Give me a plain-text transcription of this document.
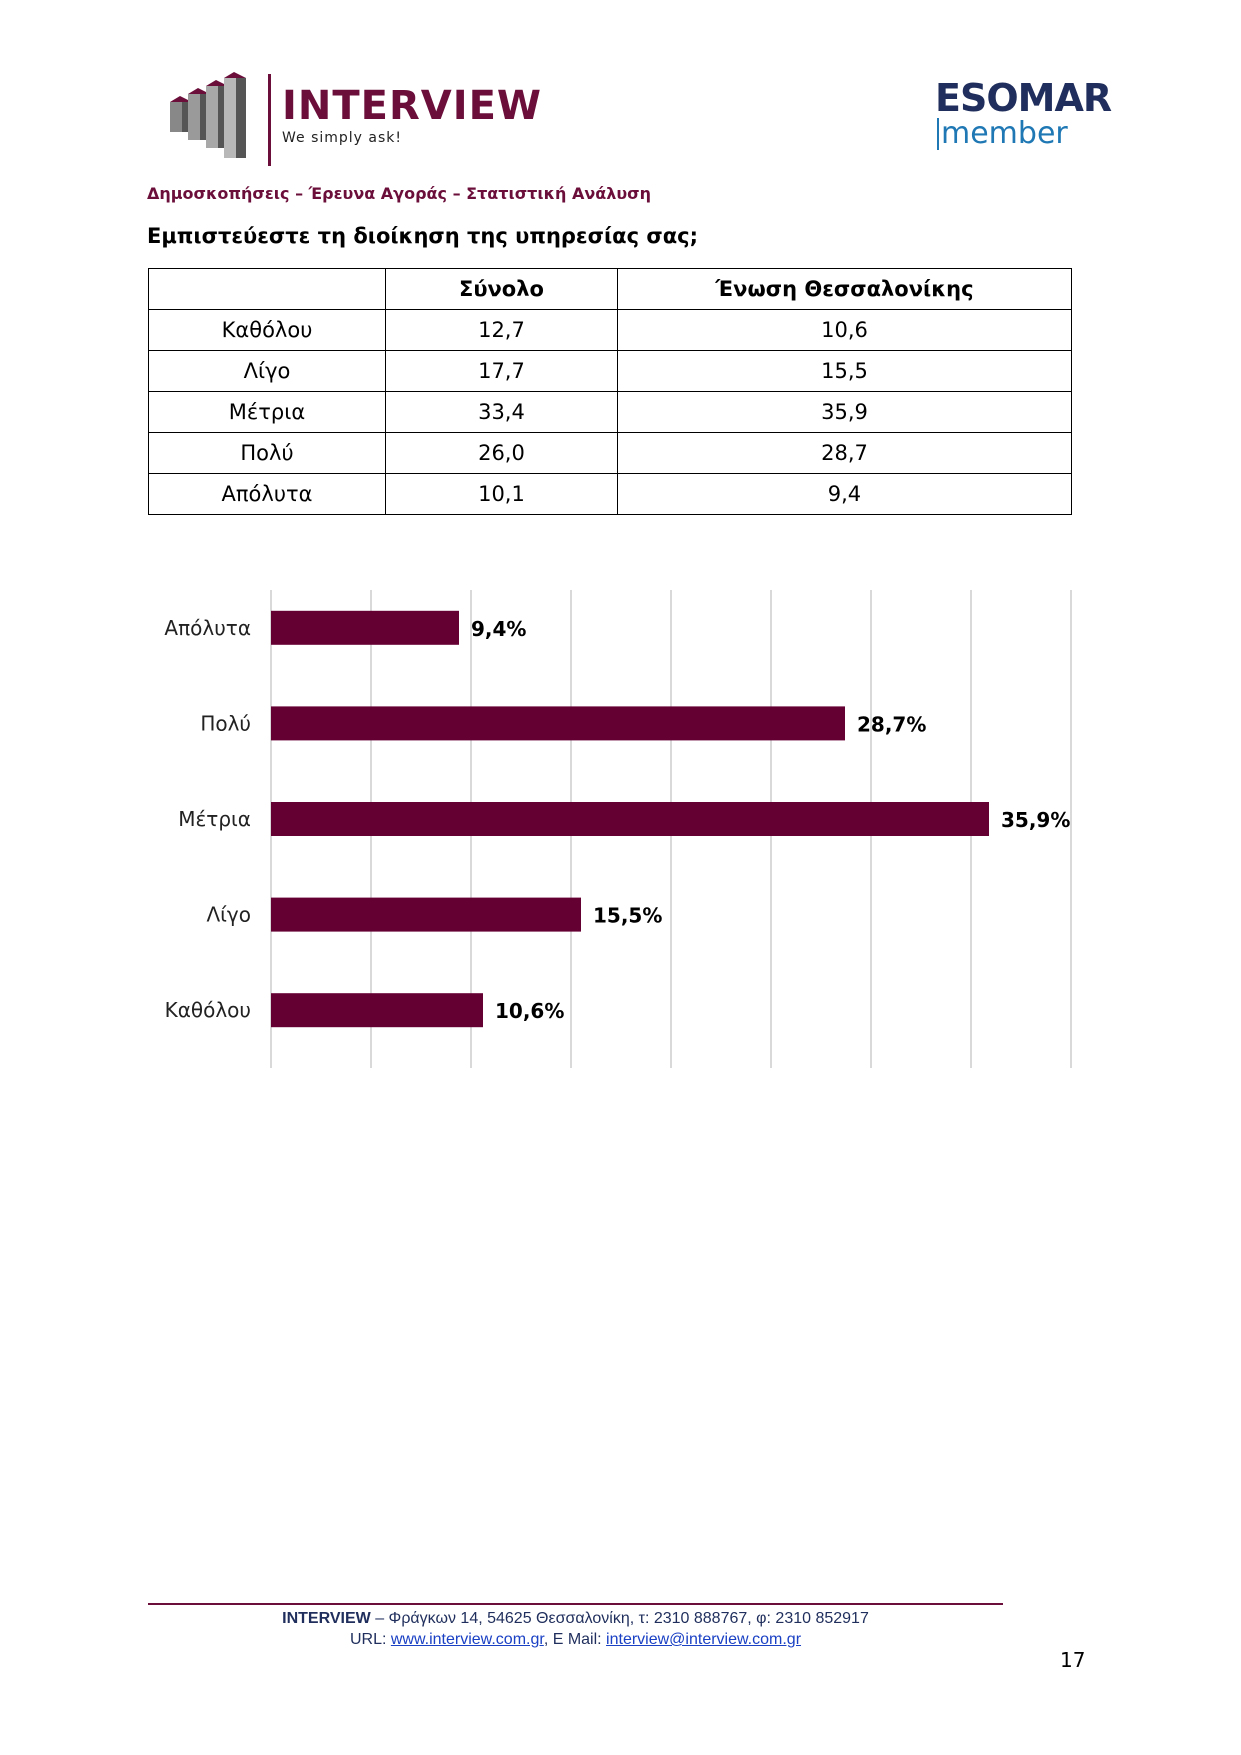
INTERVIEW
We simply ask!
ESOMAR
member
Δημοσκοπήσεις – Έρευνα Αγοράς – Στατιστική Ανάλυση
Εμπιστεύεστε τη διοίκηση της υπηρεσίας σας;
	Σύνολο	Ένωση Θεσσαλονίκης
Καθόλου	12,7	10,6
Λίγο	17,7	15,5
Μέτρια	33,4	35,9
Πολύ	26,0	28,7
Απόλυτα	10,1	9,4
Απόλυτα	9,4%
Πολύ	28,7%
Μέτρια	35,9%
Λίγο	15,5%
Καθόλου	10,6%
INTERVIEW – Φράγκων 14, 54625 Θεσσαλονίκη, τ: 2310 888767, φ: 2310 852917
URL: www.interview.com.gr, E Mail: interview@interview.com.gr
17
